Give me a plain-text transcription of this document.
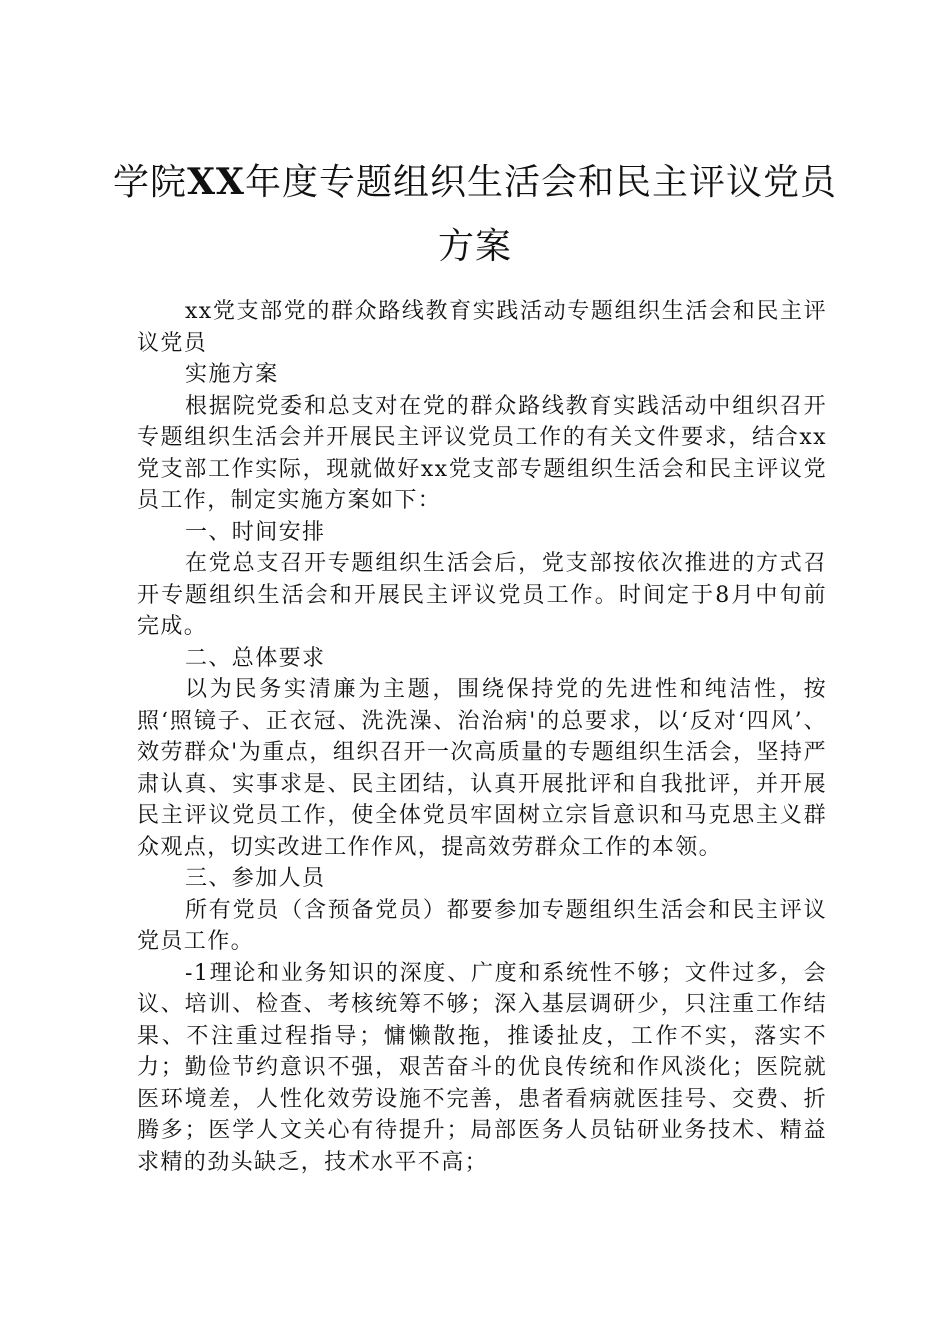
学院XX年度专题组织生活会和民主评议党员方案

xx党支部党的群众路线教育实践活动专题组织生活会和民主评议党员

实施方案

根据院党委和总支对在党的群众路线教育实践活动中组织召开专题组织生活会并开展民主评议党员工作的有关文件要求，结合xx党支部工作实际，现就做好xx党支部专题组织生活会和民主评议党员工作，制定实施方案如下：

一、时间安排

在党总支召开专题组织生活会后，党支部按依次推进的方式召开专题组织生活会和开展民主评议党员工作。时间定于8月中旬前完成。

二、总体要求

以为民务实清廉为主题，围绕保持党的先进性和纯洁性，按照‘照镜子、正衣冠、洗洗澡、治治病'的总要求，以‘反对‘四风’、效劳群众'为重点，组织召开一次高质量的专题组织生活会，坚持严肃认真、实事求是、民主团结，认真开展批评和自我批评，并开展民主评议党员工作，使全体党员牢固树立宗旨意识和马克思主义群众观点，切实改进工作作风，提高效劳群众工作的本领。

三、参加人员

所有党员（含预备党员）都要参加专题组织生活会和民主评议党员工作。

-1理论和业务知识的深度、广度和系统性不够；文件过多，会议、培训、检查、考核统筹不够；深入基层调研少，只注重工作结果、不注重过程指导；慵懒散拖，推诿扯皮，工作不实，落实不力；勤俭节约意识不强，艰苦奋斗的优良传统和作风淡化；医院就医环境差，人性化效劳设施不完善，患者看病就医挂号、交费、折腾多；医学人文关心有待提升；局部医务人员钻研业务技术、精益求精的劲头缺乏，技术水平不高；
